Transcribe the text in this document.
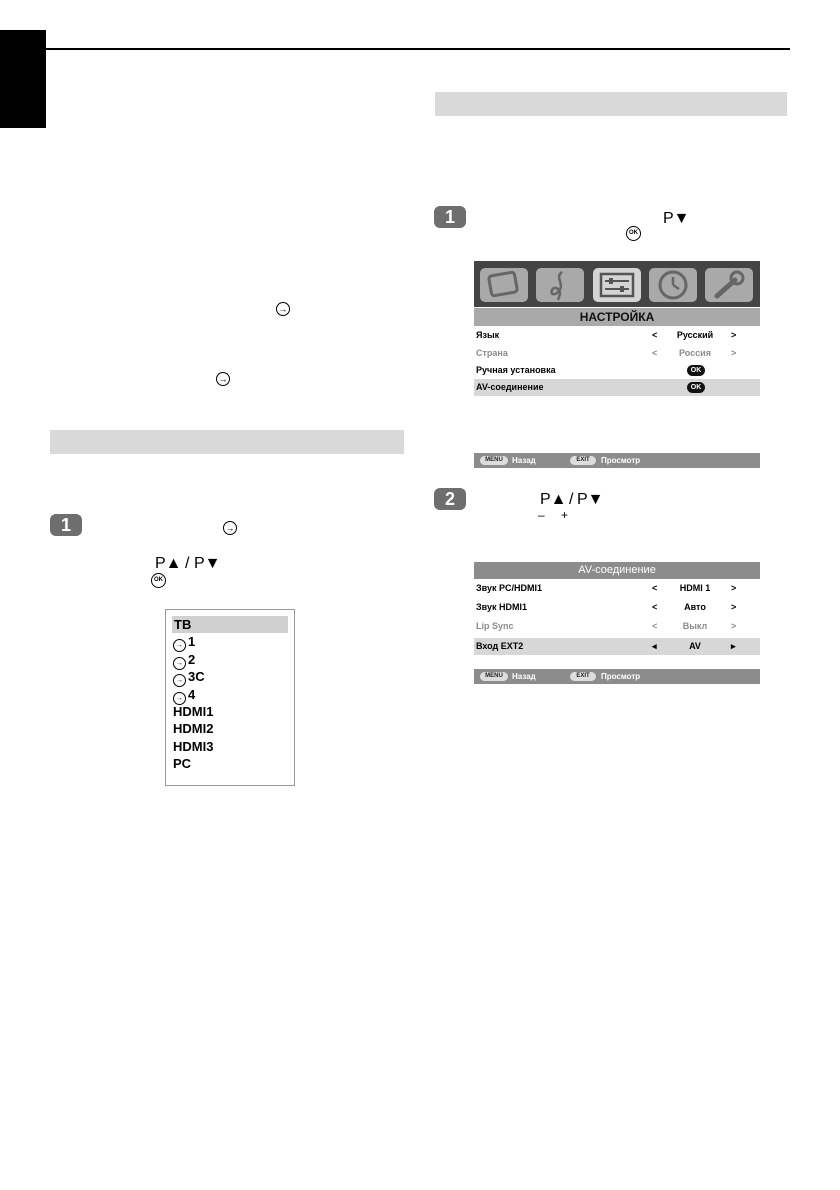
→
→
1	→
P▲ / P▼
OK
ТВ
→ 1
→ 2
→ 3C
→ 4
HDMI1
HDMI2
HDMI3
PC
1	P▼
OK
НАСТРОЙКА
Язык	<	Русский	>
Страна	<	Россия	>
Ручная установка	OK
AV-соединение	OK
MENU	Назад	EXIT	Просмотр
2	P▲ / P▼
– +
AV-соединение
Звук PC/HDMI1	<	HDMI 1	>
Звук HDMI1	<	Авто	>
Lip Sync	<	Выкл	>
Вход EXT2	◂	AV	▸
MENU	Назад	EXIT	Просмотр
